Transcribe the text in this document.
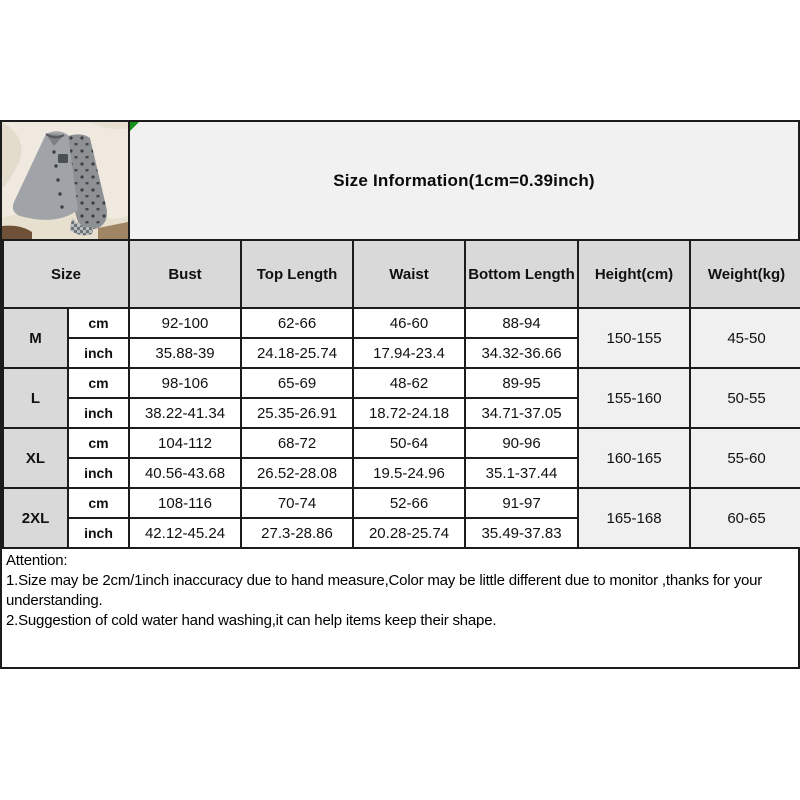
Size Information(1cm=0.39inch)
Size		Bust	Top Length	Waist	Bottom Length	Height(cm)	Weight(kg)
M	cm	92-100	62-66	46-60	88-94	150-155	45-50
	inch	35.88-39	24.18-25.74	17.94-23.4	34.32-36.66		
L	cm	98-106	65-69	48-62	89-95	155-160	50-55
	inch	38.22-41.34	25.35-26.91	18.72-24.18	34.71-37.05		
XL	cm	104-112	68-72	50-64	90-96	160-165	55-60
	inch	40.56-43.68	26.52-28.08	19.5-24.96	35.1-37.44		
2XL	cm	108-116	70-74	52-66	91-97	165-168	60-65
	inch	42.12-45.24	27.3-28.86	20.28-25.74	35.49-37.83		
Attention:
1.Size may be 2cm/1inch inaccuracy due to hand measure,Color may be little different due to monitor ,thanks for your understanding.
2.Suggestion of cold water hand washing,it can help items keep their shape.
